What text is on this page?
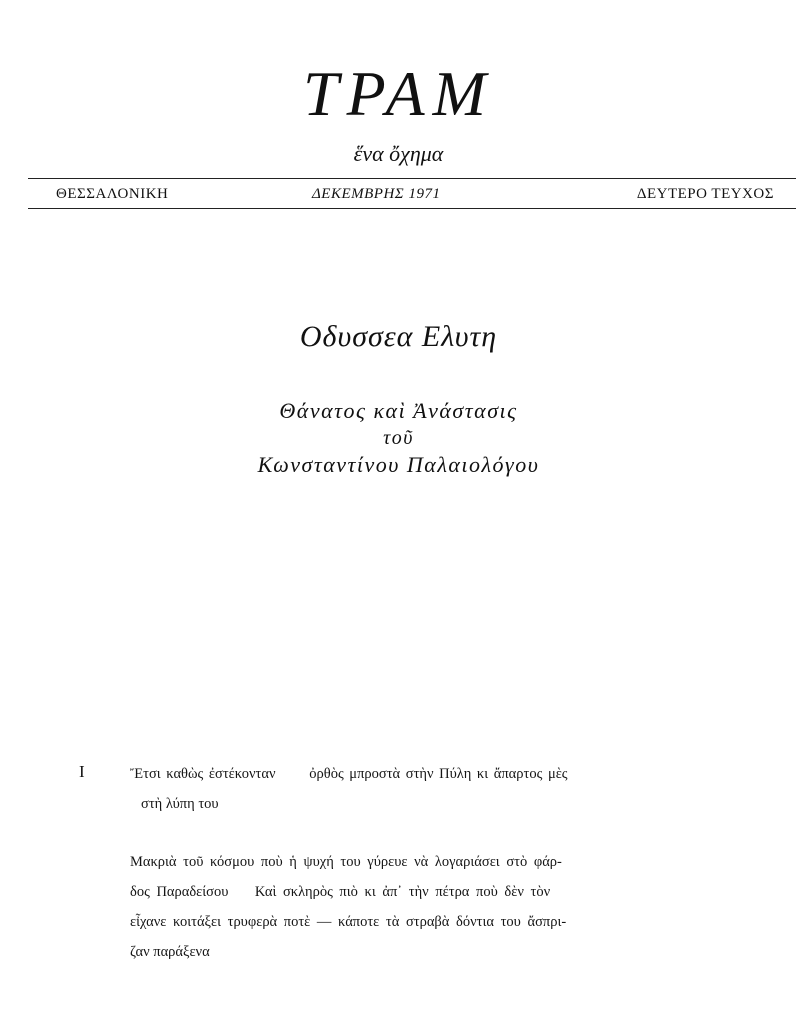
ΤΡΑΜ
ἕνα ὄχημα
ΘΕΣΣΑΛΟΝΙΚΗ	ΔΕΚΕΜΒΡΗΣ 1971	ΔΕΥΤΕΡΟ ΤΕΥΧΟΣ
Οδυσσεα Ελυτη
Θάνατος καὶ Ἀνάστασις
τοῦ
Κωνσταντίνου Παλαιολόγου
I	Ἔτσι καθὼς ἐστέκονταν      ὀρθὸς μπροστὰ στὴν Πύλη κι ἄπαρτος μὲς
στὴ λύπη του
Μακριὰ τοῦ κόσμου ποὺ ἡ ψυχή του γύρευε νὰ λογαριάσει στὸ φάρ-
δος Παραδείσου    Καὶ σκληρὸς πιὸ κι ἀπ᾿ τὴν πέτρα ποὺ δὲν τὸν
εἶχανε κοιτάξει τρυφερὰ ποτὲ — κάποτε τὰ στραβὰ δόντια του ἄσπρι-
ζαν παράξενα
